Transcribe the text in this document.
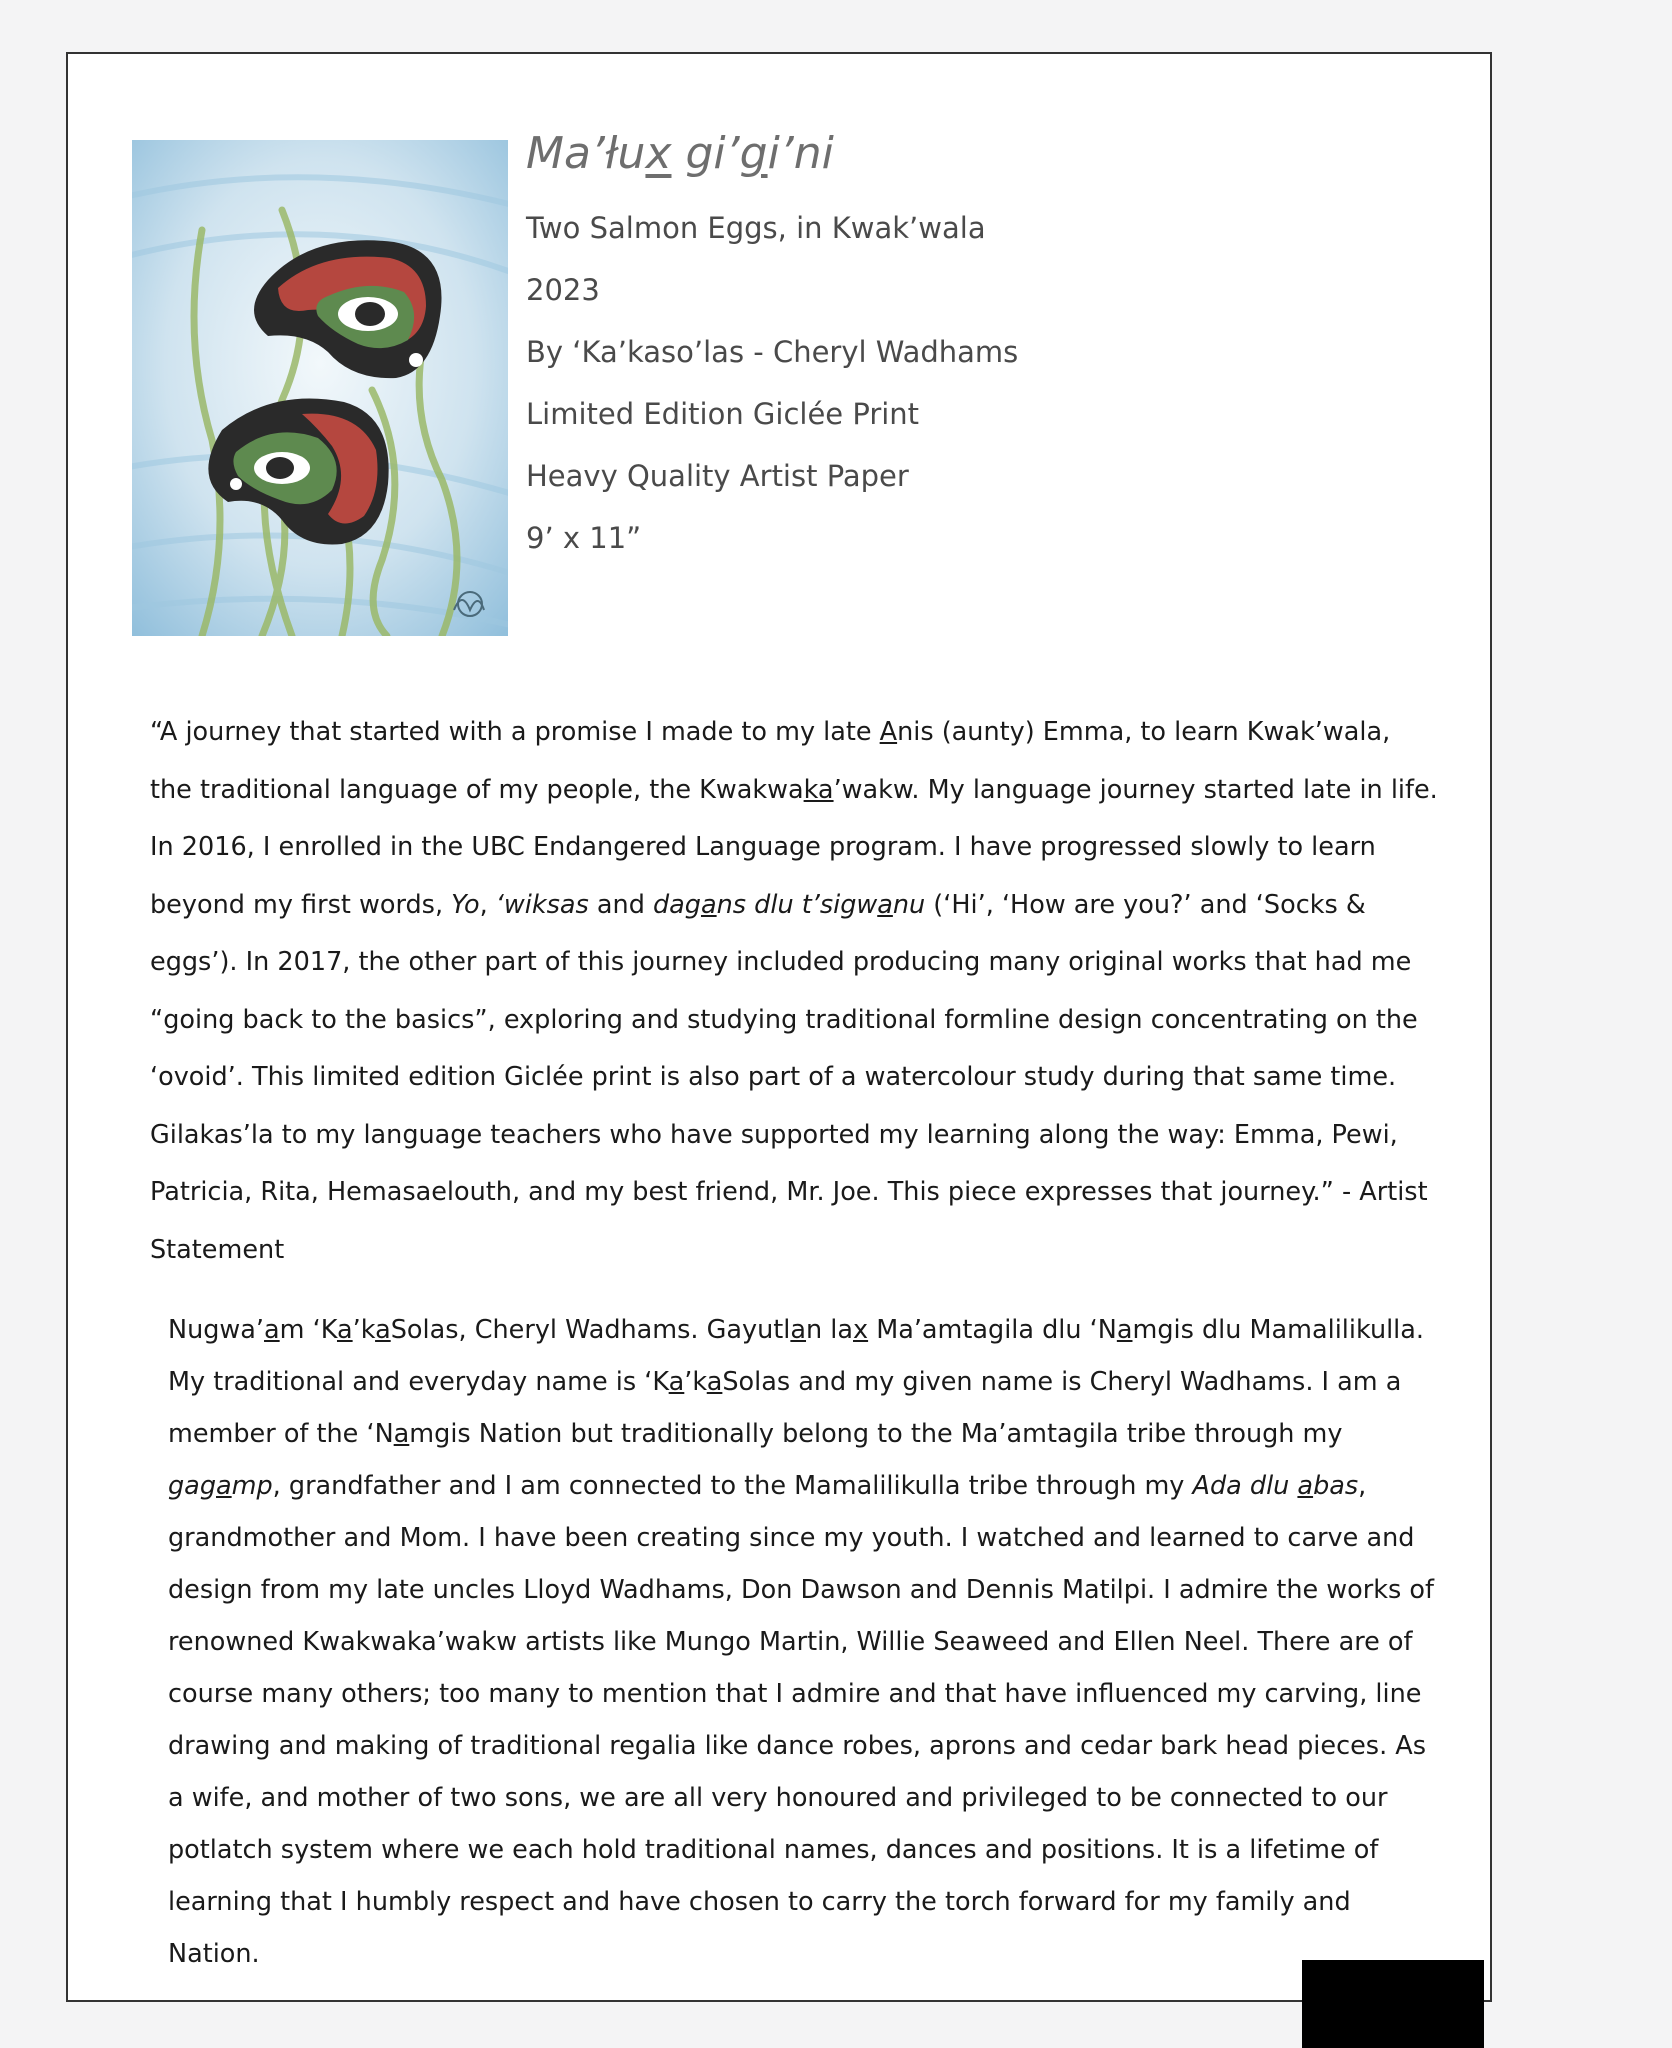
Ma’łux gi’gi’ni

Two Salmon Eggs, in Kwak’wala

2023

By ‘Ka’kaso’las - Cheryl Wadhams

Limited Edition Giclée Print

Heavy Quality Artist Paper

9’ x 11”

“A journey that started with a promise I made to my late Anis (aunty) Emma, to learn Kwak’wala, the traditional language of my people, the Kwakwaka’wakw. My language journey started late in life. In 2016, I enrolled in the UBC Endangered Language program. I have progressed slowly to learn beyond my first words, Yo, ‘wiksas and dagans dlu t’sigwanu (‘Hi’, ‘How are you?’ and ‘Socks & eggs’). In 2017, the other part of this journey included producing many original works that had me “going back to the basics”, exploring and studying traditional formline design concentrating on the ‘ovoid’. This limited edition Giclée print is also part of a watercolour study during that same time. Gilakas’la to my language teachers who have supported my learning along the way: Emma, Pewi, Patricia, Rita, Hemasaelouth, and my best friend, Mr. Joe. This piece expresses that journey.” - Artist Statement

Nugwa’am ‘Ka’kaSolas, Cheryl Wadhams. Gayutlan lax Ma’amtagila dlu ‘Namgis dlu Mamalilikulla.
My traditional and everyday name is ‘Ka’kaSolas and my given name is Cheryl Wadhams. I am a member of the ‘Namgis Nation but traditionally belong to the Ma’amtagila tribe through my gagamp, grandfather and I am connected to the Mamalilikulla tribe through my Ada dlu abas, grandmother and Mom. I have been creating since my youth. I watched and learned to carve and design from my late uncles Lloyd Wadhams, Don Dawson and Dennis Matilpi. I admire the works of renowned Kwakwaka’wakw artists like Mungo Martin, Willie Seaweed and Ellen Neel. There are of course many others; too many to mention that I admire and that have influenced my carving, line drawing and making of traditional regalia like dance robes, aprons and cedar bark head pieces. As a wife, and mother of two sons, we are all very honoured and privileged to be connected to our potlatch system where we each hold traditional names, dances and positions. It is a lifetime of learning that I humbly respect and have chosen to carry the torch forward for my family and Nation.
